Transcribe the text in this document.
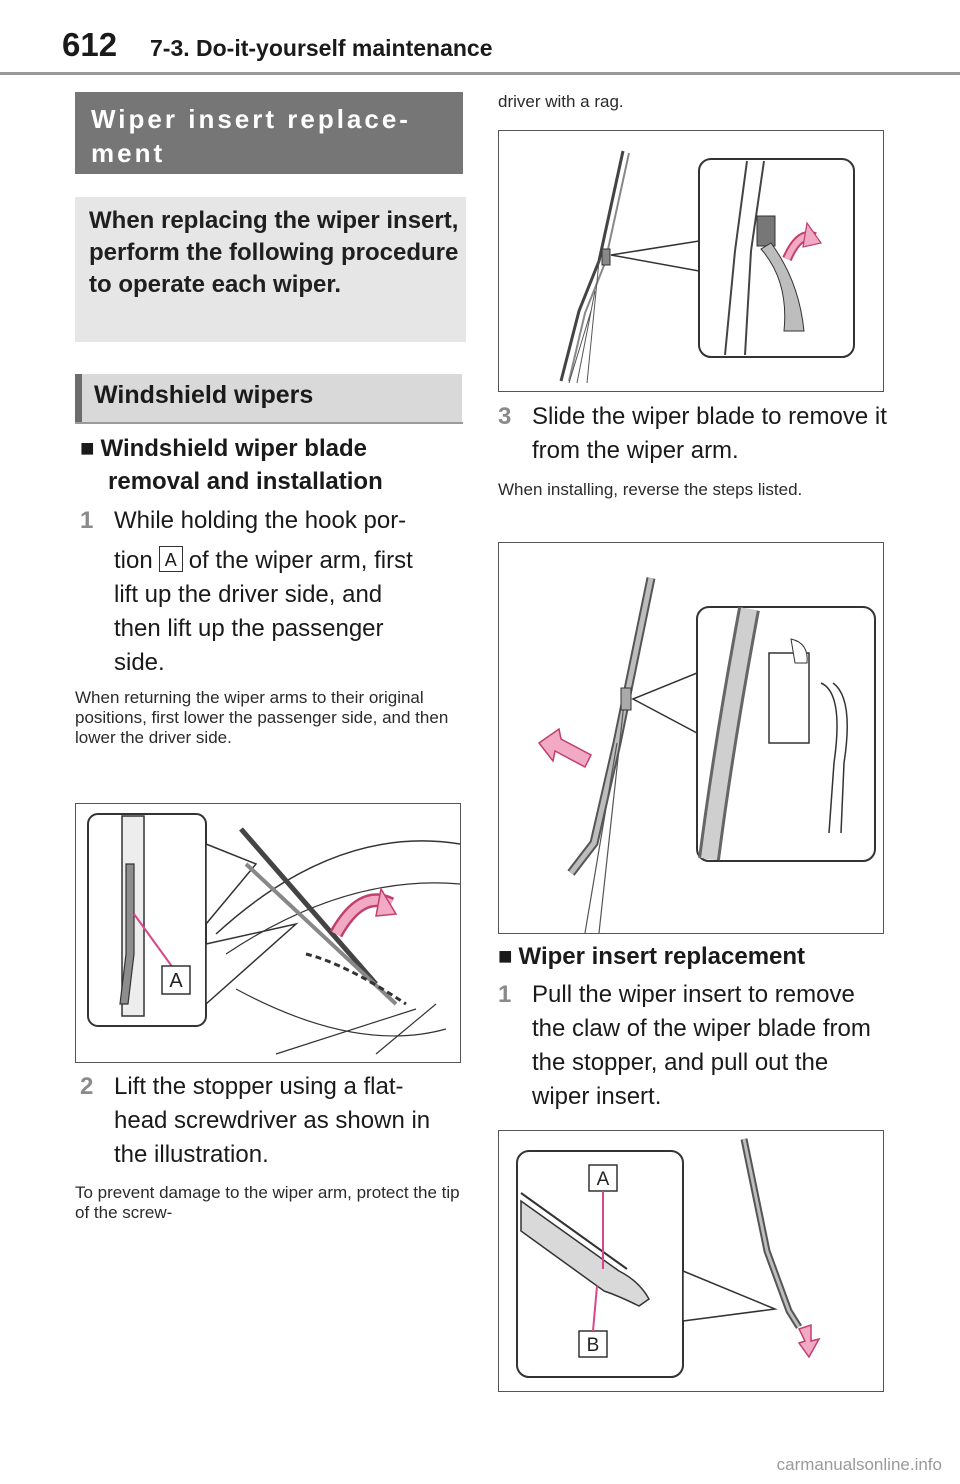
612 7-3. Do-it-yourself maintenance
Wiper insert replace-
ment
When replacing the wiper insert, perform the following procedure to operate each wiper.
Windshield wipers
■ Windshield wiper blade
removal and installation
1 While holding the hook por-
tion A of the wiper arm, first
lift up the driver side, and
then lift up the passenger
side.
When returning the wiper arms to their original positions, first lower the passenger side, and then lower the driver side.
A
2 Lift the stopper using a flat-head screwdriver as shown in the illustration.
To prevent damage to the wiper arm, protect the tip of the screw-
driver with a rag.
3 Slide the wiper blade to remove it from the wiper arm.
When installing, reverse the steps listed.
■ Wiper insert replacement
1 Pull the wiper insert to remove the claw of the wiper blade from the stopper, and pull out the wiper insert.
A
B
carmanualsonline.info
